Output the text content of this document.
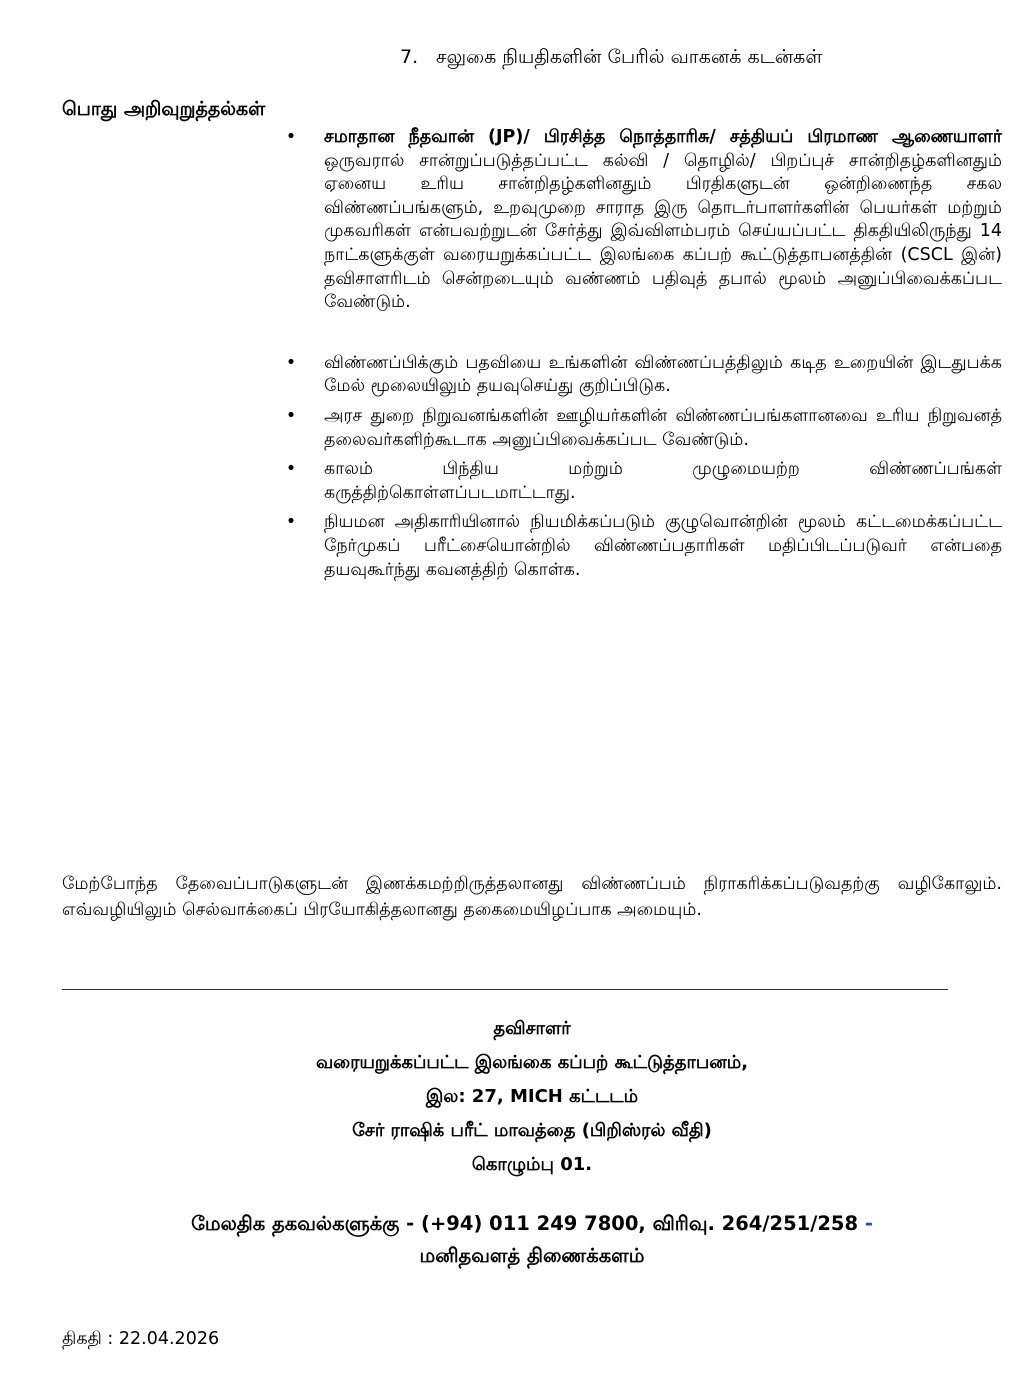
7. சலுகை நியதிகளின் பேரில் வாகனக் கடன்கள்
பொது அறிவுறுத்தல்கள்
• சமாதான நீதவான் (JP)/ பிரசித்த நொத்தாரிசு/ சத்தியப் பிரமாண ஆணையாளர் ஒருவரால் சான்றுப்படுத்தப்பட்ட கல்வி / தொழில்/ பிறப்புச் சான்றிதழ்களினதும் ஏனைய உரிய சான்றிதழ்களினதும் பிரதிகளுடன் ஒன்றிணைந்த சகல விண்ணப்பங்களும், உறவுமுறை சாராத இரு தொடர்பாளர்களின் பெயர்கள் மற்றும் முகவரிகள் என்பவற்றுடன் சேர்த்து இவ்விளம்பரம் செய்யப்பட்ட திகதியிலிருந்து 14 நாட்களுக்குள் வரையறுக்கப்பட்ட இலங்கை கப்பற் கூட்டுத்தாபனத்தின் (CSCL இன்) தவிசாளரிடம் சென்றடையும் வண்ணம் பதிவுத் தபால் மூலம் அனுப்பிவைக்கப்பட வேண்டும்.
• விண்ணப்பிக்கும் பதவியை உங்களின் விண்ணப்பத்திலும் கடித உறையின் இடதுபக்க மேல் மூலையிலும் தயவுசெய்து குறிப்பிடுக.
• அரச துறை நிறுவனங்களின் ஊழியர்களின் விண்ணப்பங்களானவை உரிய நிறுவனத் தலைவர்களிற்கூடாக அனுப்பிவைக்கப்பட வேண்டும்.
• காலம் பிந்திய மற்றும் முழுமையற்ற விண்ணப்பங்கள் கருத்திற்கொள்ளப்படமாட்டாது.
• நியமன அதிகாரியினால் நியமிக்கப்படும் குழுவொன்றின் மூலம் கட்டமைக்கப்பட்ட நேர்முகப் பரீட்சையொன்றில் விண்ணப்பதாரிகள் மதிப்பிடப்படுவர் என்பதை தயவுகூர்ந்து கவனத்திற் கொள்க.
மேற்போந்த தேவைப்பாடுகளுடன் இணக்கமற்றிருத்தலானது விண்ணப்பம் நிராகரிக்கப்படுவதற்கு வழிகோலும். எவ்வழியிலும் செல்வாக்கைப் பிரயோகித்தலானது தகைமையிழப்பாக அமையும்.
தவிசாளர்
வரையறுக்கப்பட்ட இலங்கை கப்பற் கூட்டுத்தாபனம்,
இல: 27, MICH கட்டடம்
சேர் ராஷிக் பரீட் மாவத்தை (பிறிஸ்ரல் வீதி)
கொழும்பு 01.
மேலதிக தகவல்களுக்கு - (+94) 011 249 7800, விரிவு. 264/251/258 -
மனிதவளத் திணைக்களம்
திகதி : 22.04.2026
